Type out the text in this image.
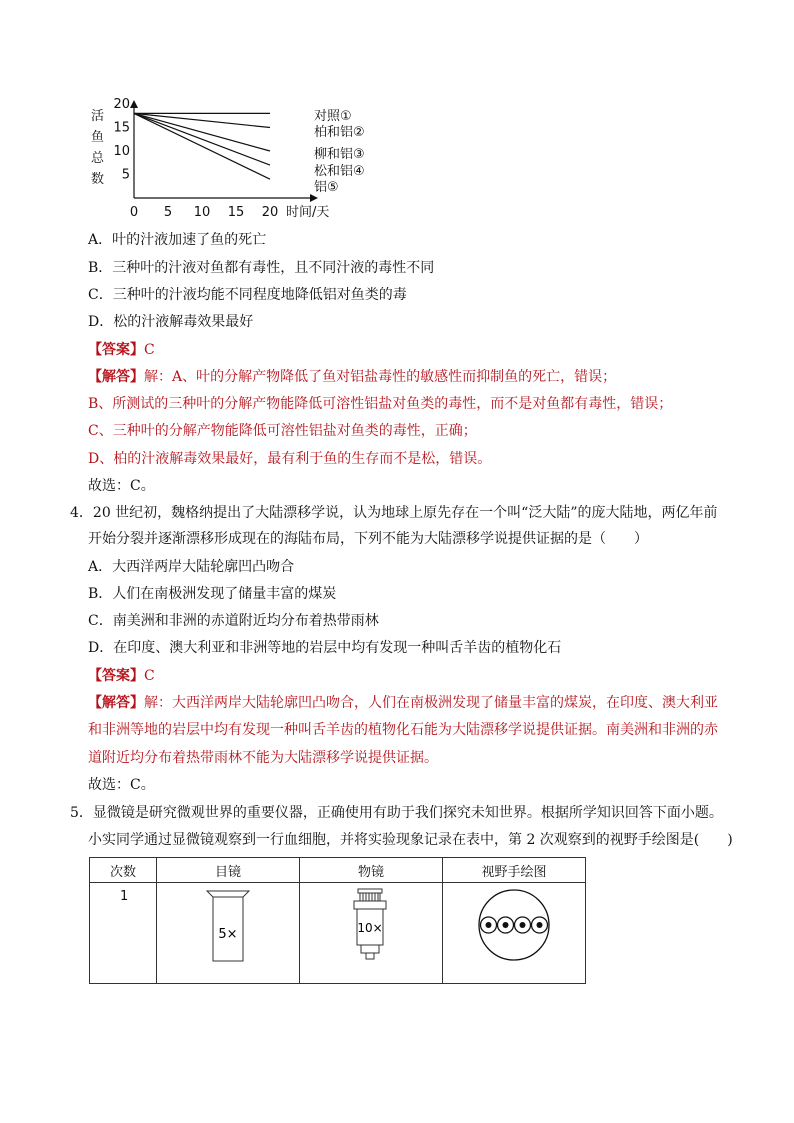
活
鱼
总
数 5
10
15
20
0 5 10 15 20
对照①
柏和铝②
柳和铝③
松和铝④
铝⑤
时间/天
A．叶的汁液加速了鱼的死亡
B．三种叶的汁液对鱼都有毒性，且不同汁液的毒性不同
C．三种叶的汁液均能不同程度地降低铝对鱼类的毒
D．松的汁液解毒效果最好
【答案】C
【解答】解：A、叶的分解产物降低了鱼对铝盐毒性的敏感性而抑制鱼的死亡，错误；
B、所测试的三种叶的分解产物能降低可溶性铝盐对鱼类的毒性，而不是对鱼都有毒性，错误；
C、三种叶的分解产物能降低可溶性铝盐对鱼类的毒性，正确；
D、柏的汁液解毒效果最好，最有利于鱼的生存而不是松，错误。
故选：C。
4．20 世纪初，魏格纳提出了大陆漂移学说，认为地球上原先存在一个叫“泛大陆”的庞大陆地，两亿年前
开始分裂并逐渐漂移形成现在的海陆布局，下列不能为大陆漂移学说提供证据的是（　　）
A．大西洋两岸大陆轮廓凹凸吻合
B．人们在南极洲发现了储量丰富的煤炭
C．南美洲和非洲的赤道附近均分布着热带雨林
D．在印度、澳大利亚和非洲等地的岩层中均有发现一种叫舌羊齿的植物化石
【答案】C
【解答】解：大西洋两岸大陆轮廓凹凸吻合，人们在南极洲发现了储量丰富的煤炭，在印度、澳大利亚
和非洲等地的岩层中均有发现一种叫舌羊齿的植物化石能为大陆漂移学说提供证据。南美洲和非洲的赤
道附近均分布着热带雨林不能为大陆漂移学说提供证据。
故选：C。
5．显微镜是研究微观世界的重要仪器，正确使用有助于我们探究未知世界。根据所学知识回答下面小题。
小实同学通过显微镜观察到一行血细胞，并将实验现象记录在表中，第 2 次观察到的视野手绘图是(　　)
次数	目镜	物镜	视野手绘图
1	5×	10×
